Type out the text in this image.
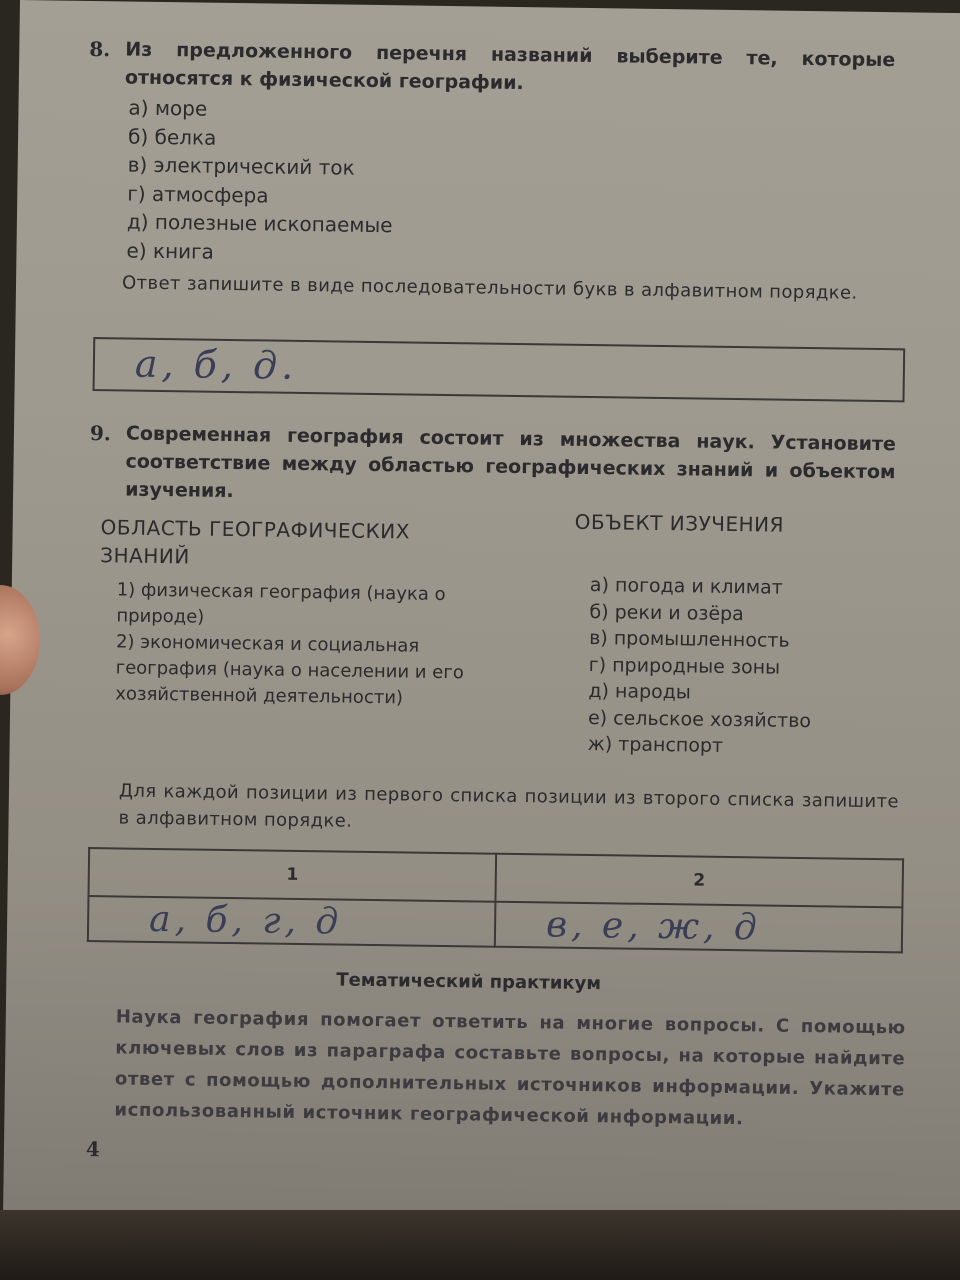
8. Из предложенного перечня названий выберите те, которые относятся к физической географии.
а) море
б) белка
в) электрический ток
г) атмосфера
д) полезные ископаемые
е) книга
Ответ запишите в виде последовательности букв в алфавитном порядке.
а, б, д.
9. Современная география состоит из множества наук. Установите соответствие между областью географических знаний и объектом изучения.
ОБЛАСТЬ ГЕОГРАФИЧЕСКИХ ЗНАНИЙ
ОБЪЕКТ ИЗУЧЕНИЯ
1) физическая география (наука о природе)
2) экономическая и социальная география (наука о населении и его хозяйственной деятельности)
а) погода и климат
б) реки и озёра
в) промышленность
г) природные зоны
д) народы
е) сельское хозяйство
ж) транспорт
Для каждой позиции из первого списка позиции из второго списка запишите в алфавитном порядке.
1	2
а, б, г, д	в, е, ж, д
Тематический практикум
Наука география помогает ответить на многие вопросы. С помощью ключевых слов из параграфа составьте вопросы, на которые найдите ответ с помощью дополнительных источников информации. Укажите использованный источник географической информации.
4
